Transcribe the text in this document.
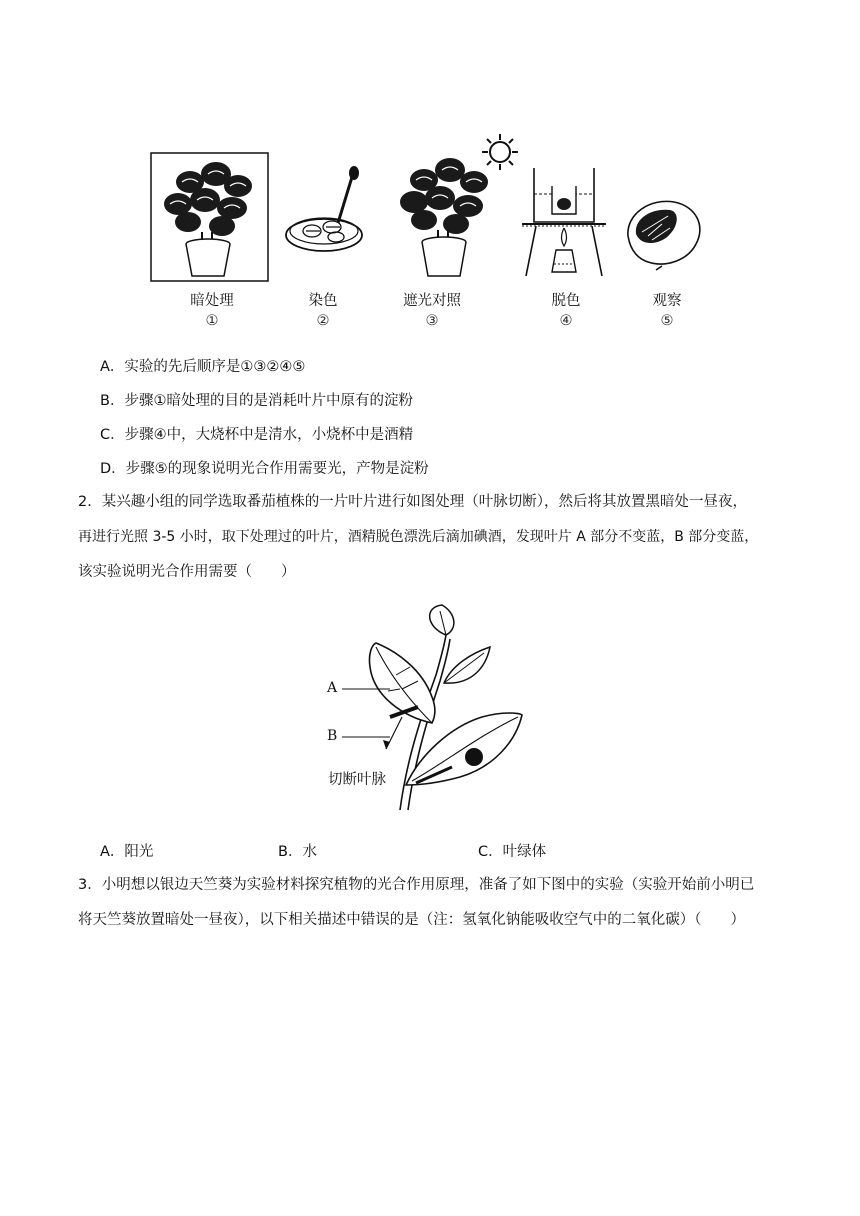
暗处理	染色	遮光对照	脱色	观察
①	②	③	④	⑤
A．实验的先后顺序是①③②④⑤
B．步骤①暗处理的目的是消耗叶片中原有的淀粉
C．步骤④中，大烧杯中是清水，小烧杯中是酒精
D．步骤⑤的现象说明光合作用需要光，产物是淀粉
2．某兴趣小组的同学选取番茄植株的一片叶片进行如图处理（叶脉切断），然后将其放置黑暗处一昼夜，
再进行光照 3-5 小时，取下处理过的叶片，酒精脱色漂洗后滴加碘酒，发现叶片 A 部分不变蓝，B 部分变蓝，
该实验说明光合作用需要（　　）
A
B
切断叶脉
A．阳光	B．水	C．叶绿体
3．小明想以银边天竺葵为实验材料探究植物的光合作用原理，准备了如下图中的实验（实验开始前小明已
将天竺葵放置暗处一昼夜），以下相关描述中错误的是（注：氢氧化钠能吸收空气中的二氧化碳）（　　）
